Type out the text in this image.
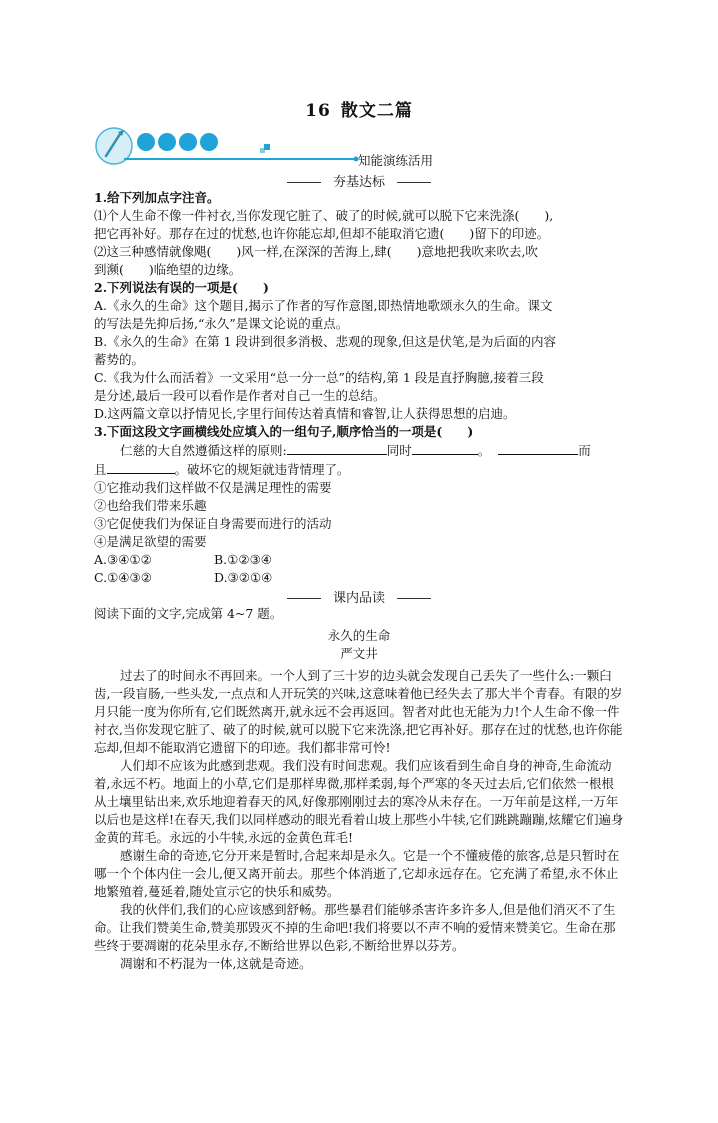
16 散文二篇
知能演练活用
夯基达标

1.给下列加点字注音。

⑴个人生命不像一件衬衣,当你发现它脏了、破了的时候,就可以脱下它来洗涤(　　),

把它再补好。那存在过的忧愁,也许你能忘却,但却不能取消它遗(　　)留下的印迹。

⑵这三种感情就像飓(　　)风一样,在深深的苦海上,肆(　　)意地把我吹来吹去,吹

到濒(　　)临绝望的边缘。

2.下列说法有误的一项是(　　)

A.《永久的生命》这个题目,揭示了作者的写作意图,即热情地歌颂永久的生命。课文

的写法是先抑后扬,“永久”是课文论说的重点。

B.《永久的生命》在第 1 段讲到很多消极、悲观的现象,但这是伏笔,是为后面的内容

蓄势的。

C.《我为什么而活着》一文采用“总一分一总”的结构,第 1 段是直抒胸臆,接着三段

是分述,最后一段可以看作是作者对自己一生的总结。

D.这两篇文章以抒情见长,字里行间传达着真情和睿智,让人获得思想的启迪。

3.下面这段文字画横线处应填入的一组句子,顺序恰当的一项是(　　)

仁慈的大自然遵循这样的原则:	同时	。	而

且	。破坏它的规矩就违背情理了。

①它推动我们这样做不仅是满足理性的需要

②也给我们带来乐趣

③它促使我们为保证自身需要而进行的活动

④是满足欲望的需要

A.③④①②	B.①②③④

C.①④③②	D.③②①④

课内品读

阅读下面的文字,完成第 4~7 题。

永久的生命

严文井

过去了的时间永不再回来。一个人到了三十岁的边头就会发现自己丢失了一些什么:一颗臼齿,一段盲肠,一些头发,一点点和人开玩笑的兴味,这意味着他已经失去了那大半个青春。有限的岁月只能一度为你所有,它们既然离开,就永远不会再返回。智者对此也无能为力!个人生命不像一件衬衣,当你发现它脏了、破了的时候,就可以脱下它来洗涤,把它再补好。那存在过的忧愁,也许你能忘却,但却不能取消它遗留下的印迹。我们都非常可怜!

人们却不应该为此感到悲观。我们没有时间悲观。我们应该看到生命自身的神奇,生命流动着,永远不朽。地面上的小草,它们是那样卑微,那样柔弱,每个严寒的冬天过去后,它们依然一根根从土壤里钻出来,欢乐地迎着春天的风,好像那刚刚过去的寒冷从未存在。一万年前是这样,一万年以后也是这样!在春天,我们以同样感动的眼光看着山坡上那些小牛犊,它们跳跳蹦蹦,炫耀它们遍身金黄的茸毛。永远的小牛犊,永远的金黄色茸毛!

感谢生命的奇迹,它分开来是暂时,合起来却是永久。它是一个不懂疲倦的旅客,总是只暂时在哪一个个体内住一会儿,便又离开前去。那些个体消逝了,它却永远存在。它充满了希望,永不休止地繁殖着,蔓延着,随处宣示它的快乐和威势。

我的伙伴们,我们的心应该感到舒畅。那些暴君们能够杀害许多许多人,但是他们消灭不了生命。让我们赞美生命,赞美那毁灭不掉的生命吧!我们将要以不声不响的爱情来赞美它。生命在那些终于要凋谢的花朵里永存,不断给世界以色彩,不断给世界以芬芳。

凋谢和不朽混为一体,这就是奇迹。
